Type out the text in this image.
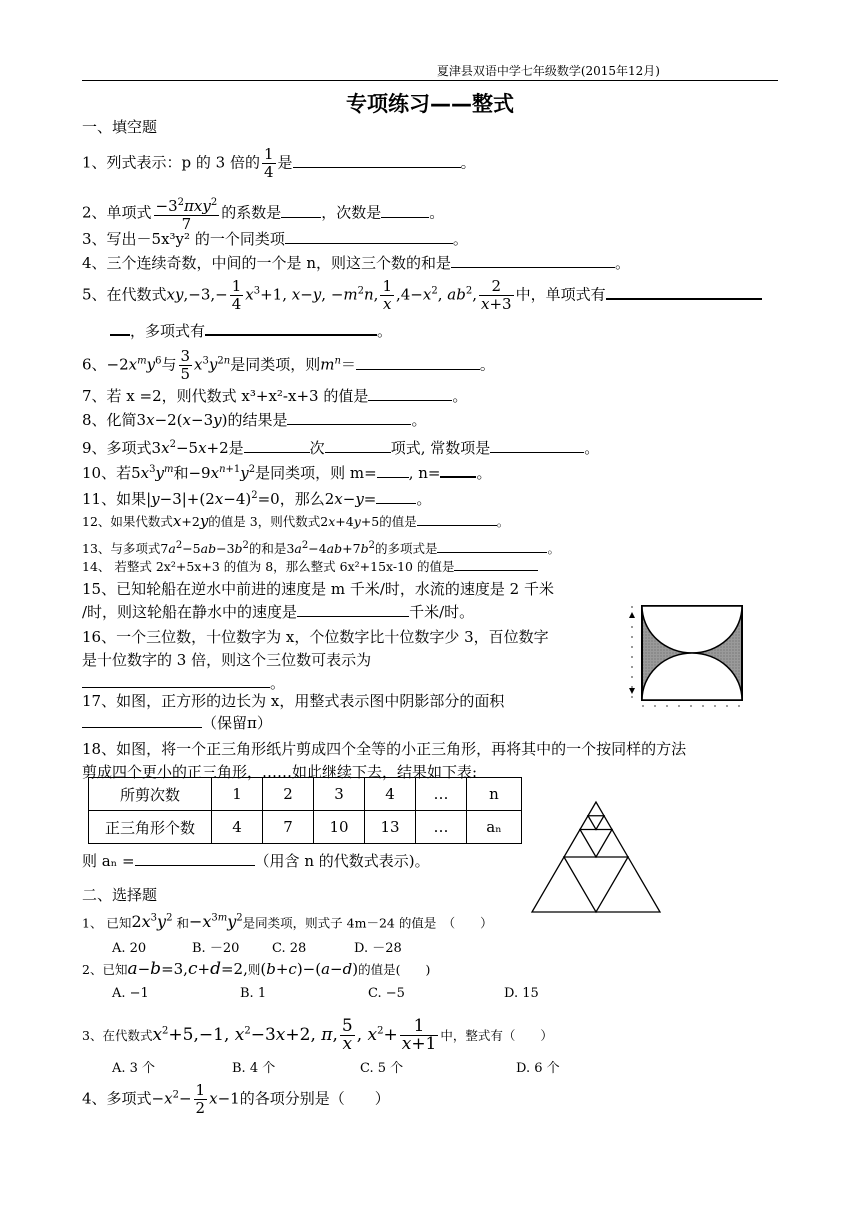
夏津县双语中学七年级数学(2015年12月)
专项练习——整式
一、填空题
1、列式表示：p 的 3 倍的 $\frac{1}{4}$ 是	。
2、单项式 $\frac{-3^2\pi xy^2}{7}$ 的系数是	，次数是	。
3、写出－5x³y² 的一个同类项	。
4、三个连续奇数，中间的一个是 n，则这三个数的和是	。
5、在代数式$xy,-3,- \frac{1}{4} x^3+1$, x−y, $-m^2n$, $\frac{1}{x} ,4-x^2$, $ab^2$, $\frac{2}{x+3}$ 中，单项式有
，多项式有	。
6、$-2x^my^6$与 $\frac{3}{5} x^3y^{2n}$是同类项，则$m^n=$	。
7、若 x =2，则代数式 x³+x²-x+3 的值是	。
8、化简3x−2(x−3y)的结果是	。
9、多项式$3x^2-5x+2$是	次	项式, 常数项是	。
10、若$5x^3y^m$和$-9x^{n+1}y^2$是同类项，则 m= , n= 。
11、如果$|y-3|+(2x-4)^2=0$，那么2x−y=	。
12、如果代数式x+2y的值是 3，则代数式2x+4y+5的值是	。
13、与多项式$7a^2-5ab-3b^2$的和是$3a^2-4ab+7b^2$的多项式是	。
14、 若整式 2x²+5x+3 的值为 8，那么整式 6x²+15x-10 的值是
15、已知轮船在逆水中前进的速度是 m 千米/时，水流的速度是 2 千米
/时，则这轮船在静水中的速度是	千米/时。
16、一个三位数，十位数字为 x，个位数字比十位数字少 3，百位数字
是十位数字的 3 倍，则这个三位数可表示为
。
17、如图，正方形的边长为 x，用整式表示图中阴影部分的面积
（保留π）
18、如图，将一个正三角形纸片剪成四个全等的小正三角形，再将其中的一个按同样的方法
剪成四个更小的正三角形，……如此继续下去，结果如下表:
所剪次数	1	2	3	4	…	n
正三角形个数	4	7	10	13	…	aₙ
则 aₙ =	（用含 n 的代数式表示)。
二、选择题
1、 已知$2x^3y^2$ 和$-x^{3m}y^2$是同类项，则式子 4m－24 的值是　 （　　）
A. 20	B. －20	C. 28	D. －28
2、已知a−b=3,c+d=2,则(b+c)−(a−d)的值是(　　)
A. −1	B. 1	C. −5	D. 15
3、在代数式$x^2+5,-1$, $x^2-3x+2$, π, $\frac{5}{x}$ , $x^2+ \frac{1}{x+1}$ 中，整式有（　　）
A. 3 个	B. 4 个	C. 5 个	D. 6 个
4、多项式$-x^2- \frac{1}{2} x-1$的各项分别是（　　）
